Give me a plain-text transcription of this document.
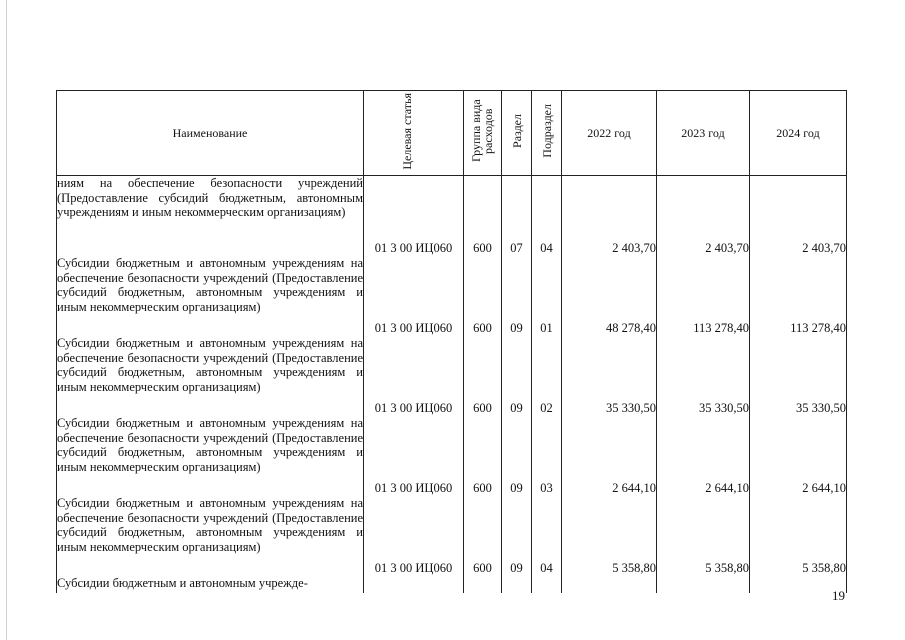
Наименование	Целевая статья	Группа вида расходов	Раздел	Подраздел	2022 год	2023 год	2024 год
ниям на обеспечение безопасности учреждений (Предоставление субсидий бюджетным, автономным учреждениям и иным некоммерческим организациям)	01 3 00 ИЦ060	600	07	04	2 403,70	2 403,70	2 403,70
Субсидии бюджетным и автономным учреждениям на обеспечение безопасности учреждений (Предоставление субсидий бюджетным, автономным учреждениям и иным некоммерческим организациям)	01 3 00 ИЦ060	600	09	01	48 278,40	113 278,40	113 278,40
Субсидии бюджетным и автономным учреждениям на обеспечение безопасности учреждений (Предоставление субсидий бюджетным, автономным учреждениям и иным некоммерческим организациям)	01 3 00 ИЦ060	600	09	02	35 330,50	35 330,50	35 330,50
Субсидии бюджетным и автономным учреждениям на обеспечение безопасности учреждений (Предоставление субсидий бюджетным, автономным учреждениям и иным некоммерческим организациям)	01 3 00 ИЦ060	600	09	03	2 644,10	2 644,10	2 644,10
Субсидии бюджетным и автономным учреждениям на обеспечение безопасности учреждений (Предоставление субсидий бюджетным, автономным учреждениям и иным некоммерческим организациям)	01 3 00 ИЦ060	600	09	04	5 358,80	5 358,80	5 358,80
Субсидии бюджетным и автономным учрежде-							
19
